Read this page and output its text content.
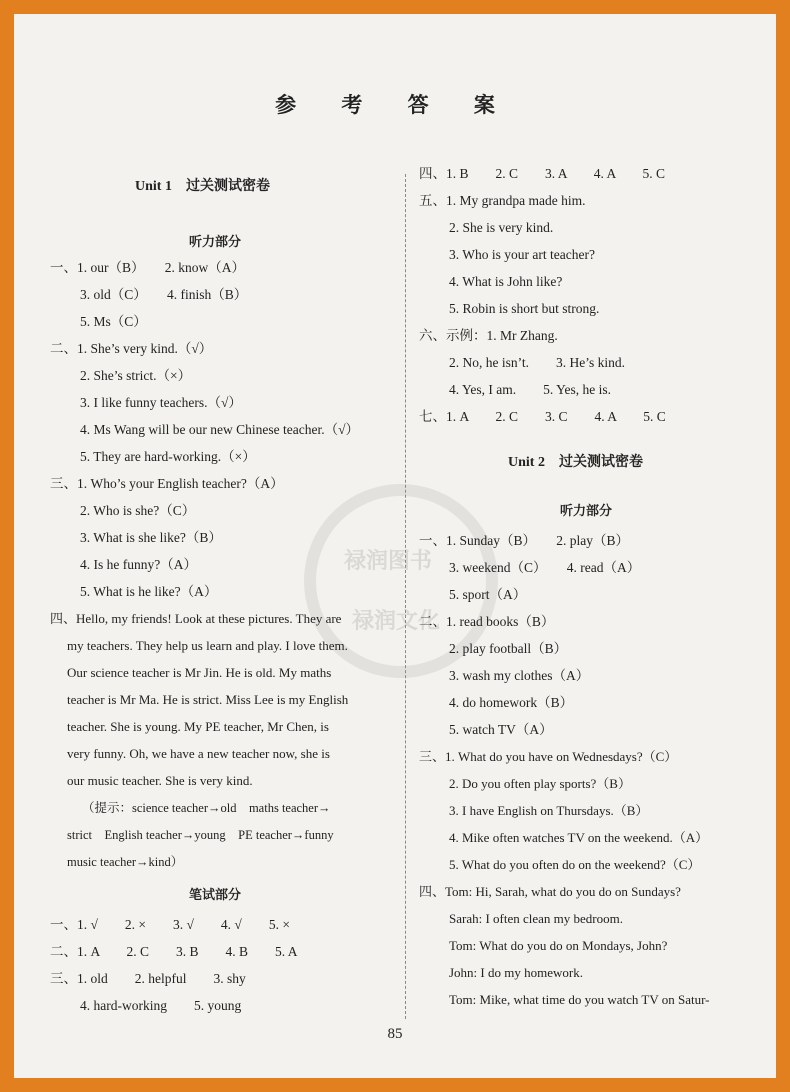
禄润图书
禄润文化
参 考 答 案
Unit 1　过关测试密卷
听力部分
一、1. our（B）　　2. know（A）
3. old（C）　　4. finish（B）
5. Ms（C）
二、1. She’s very kind.（√）
2. She’s strict.（×）
3. I like funny teachers.（√）
4. Ms Wang will be our new Chinese teacher.（√）
5. They are hard-working.（×）
三、1. Who’s your English teacher?（A）
2. Who is she?（C）
3. What is she like?（B）
4. Is he funny?（A）
5. What is he like?（A）
四、Hello, my friends! Look at these pictures. They are
my teachers. They help us learn and play. I love them.
Our science teacher is Mr Jin. He is old. My maths
teacher is Mr Ma. He is strict. Miss Lee is my English
teacher. She is young. My PE teacher, Mr Chen, is
very funny. Oh, we have a new teacher now, she is
our music teacher. She is very kind.
（提示：science teacher→old　maths teacher→
strict　English teacher→young　PE teacher→funny
music teacher→kind）
笔试部分
一、1. √　　2. ×　　3. √　　4. √　　5. ×
二、1. A　　2. C　　3. B　　4. B　　5. A
三、1. old　　2. helpful　　3. shy
4. hard-working　　5. young
四、1. B　　2. C　　3. A　　4. A　　5. C
五、1. My grandpa made him.
2. She is very kind.
3. Who is your art teacher?
4. What is John like?
5. Robin is short but strong.
六、示例：1. Mr Zhang.
2. No, he isn’t.　　3. He’s kind.
4. Yes, I am.　　5. Yes, he is.
七、1. A　　2. C　　3. C　　4. A　　5. C
Unit 2　过关测试密卷
听力部分
一、1. Sunday（B）　　2. play（B）
3. weekend（C）　　4. read（A）
5. sport（A）
二、1. read books（B）
2. play football（B）
3. wash my clothes（A）
4. do homework（B）
5. watch TV（A）
三、1. What do you have on Wednesdays?（C）
2. Do you often play sports?（B）
3. I have English on Thursdays.（B）
4. Mike often watches TV on the weekend.（A）
5. What do you often do on the weekend?（C）
四、Tom: Hi, Sarah, what do you do on Sundays?
Sarah: I often clean my bedroom.
Tom: What do you do on Mondays, John?
John: I do my homework.
Tom: Mike, what time do you watch TV on Satur-
85
